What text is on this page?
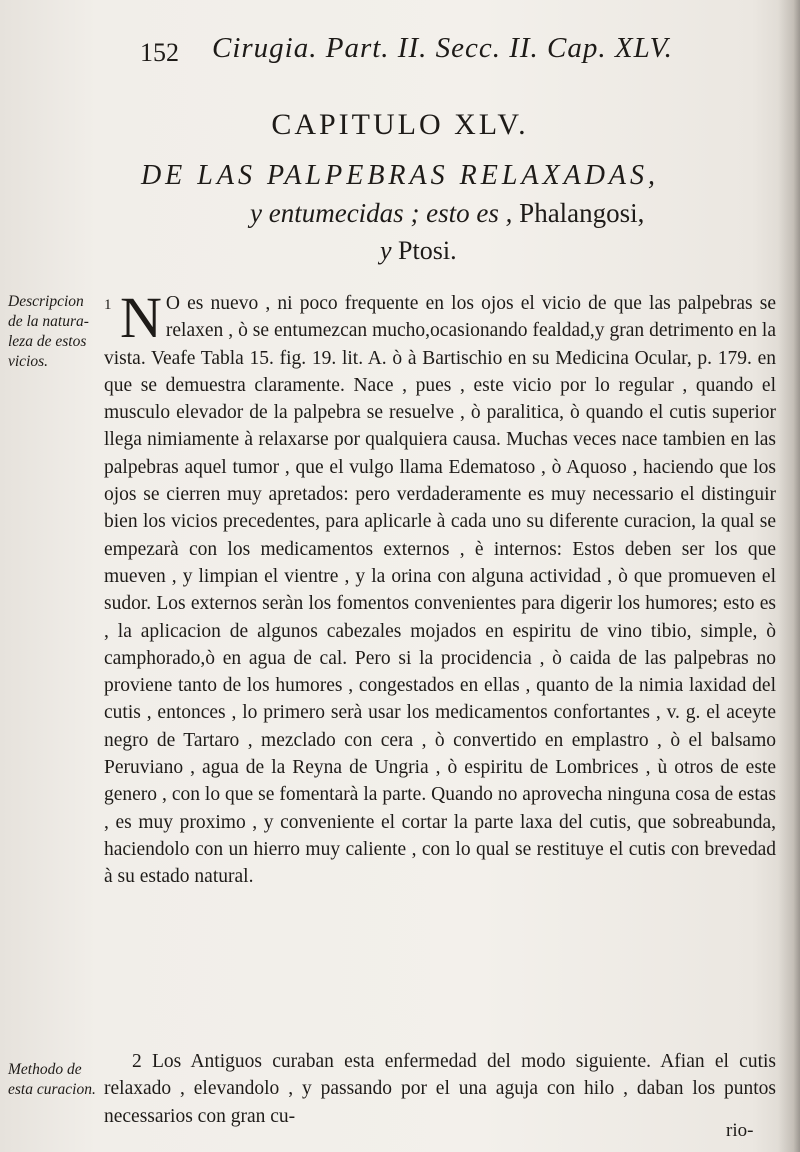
152 Cirugia. Part. II. Secc. II. Cap. XLV.
CAPITULO XLV.
DE LAS PALPEBRAS RELAXADAS,
y entumecidas ; esto es , Phalangosi,
y Ptosi.
Descripcion de la natura-leza de estos vicios.
Methodo de esta curacion.
1 N O es nuevo , ni poco frequente en los ojos el vicio de que las palpebras se relaxen , ò se entumezcan mucho,ocasionando fealdad,y gran detrimento en la vista. Veafe Tabla 15. fig. 19. lit. A. ò à Bartischio en su Medicina Ocular, p. 179. en que se demuestra claramente. Nace , pues , este vicio por lo regular , quando el musculo elevador de la palpebra se resuelve , ò paralitica, ò quando el cutis superior llega nimiamente à relaxarse por qualquiera causa. Muchas veces nace tambien en las palpebras aquel tumor , que el vulgo llama Edematoso , ò Aquoso , haciendo que los ojos se cierren muy apretados: pero verdaderamente es muy necessario el distinguir bien los vicios precedentes, para aplicarle à cada uno su diferente curacion, la qual se empezarà con los medicamentos externos , è internos: Estos deben ser los que mueven , y limpian el vientre , y la orina con alguna actividad , ò que promueven el sudor. Los externos seràn los fomentos convenientes para digerir los humores; esto es , la aplicacion de algunos cabezales mojados en espiritu de vino tibio, simple, ò camphorado,ò en agua de cal. Pero si la procidencia , ò caida de las palpebras no proviene tanto de los humores , congestados en ellas , quanto de la nimia laxidad del cutis , entonces , lo primero serà usar los medicamentos confortantes , v. g. el aceyte negro de Tartaro , mezclado con cera , ò convertido en emplastro , ò el balsamo Peruviano , agua de la Reyna de Ungria , ò espiritu de Lombrices , ù otros de este genero , con lo que se fomentarà la parte. Quando no aprovecha ninguna cosa de estas , es muy proximo , y conveniente el cortar la parte laxa del cutis, que sobreabunda, haciendolo con un hierro muy caliente , con lo qual se restituye el cutis con brevedad à su estado natural.

2 Los Antiguos curaban esta enfermedad del modo siguiente. Afian el cutis relaxado , elevandolo , y passando por el una aguja con hilo , daban los puntos necessarios con gran cu-

rio-
